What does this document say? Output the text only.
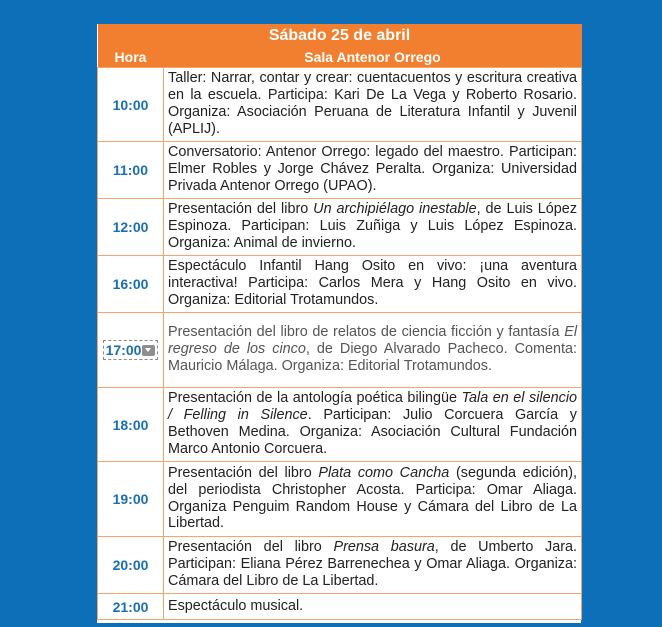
Sábado 25 de abril	
Hora	Sala Antenor Orrego
10:00	Taller: Narrar, contar y crear: cuentacuentos y escritura creativa en la escuela. Participa: Kari De La Vega y Roberto Rosario. Organiza: Asociación Peruana de Literatura Infantil y Juvenil (APLIJ).
11:00	Conversatorio: Antenor Orrego: legado del maestro. Participan: Elmer Robles y Jorge Chávez Peralta. Organiza: Universidad Privada Antenor Orrego (UPAO).
12:00	Presentación del libro Un archipiélago inestable, de Luis López Espinoza. Participan: Luis Zuñiga y Luis López Espinoza. Organiza: Animal de invierno.
16:00	Espectáculo Infantil Hang Osito en vivo: ¡una aventura interactiva! Participa: Carlos Mera y Hang Osito en vivo. Organiza: Editorial Trotamundos.
17:00	Presentación del libro de relatos de ciencia ficción y fantasía El regreso de los cinco, de Diego Alvarado Pacheco. Comenta: Mauricio Málaga. Organiza: Editorial Trotamundos.
18:00	Presentación de la antología poética bilingüe Tala en el silencio / Felling in Silence. Participan: Julio Corcuera García y Bethoven Medina. Organiza: Asociación Cultural Fundación Marco Antonio Corcuera.
19:00	Presentación del libro Plata como Cancha (segunda edición), del periodista Christopher Acosta. Participa: Omar Aliaga. Organiza Penguim Random House y Cámara del Libro de La Libertad.
20:00	Presentación del libro Prensa basura, de Umberto Jara. Participan: Eliana Pérez Barrenechea y Omar Aliaga. Organiza: Cámara del Libro de La Libertad.
21:00	Espectáculo musical.
